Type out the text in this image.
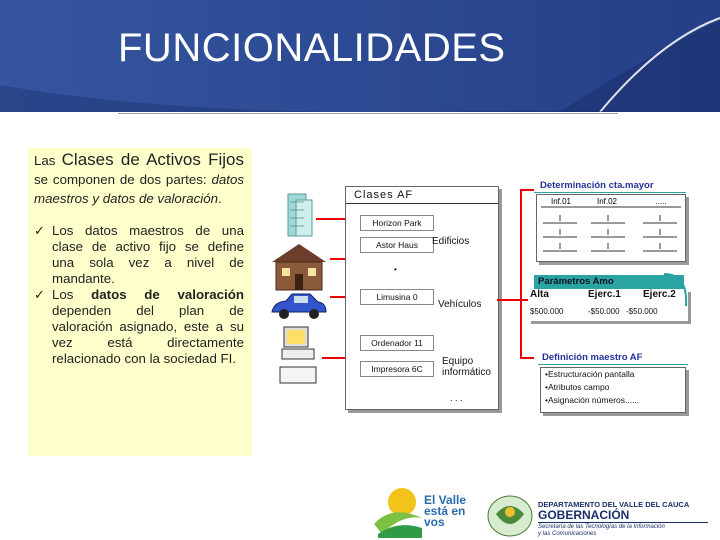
FUNCIONALIDADES

Las Clases de Activos Fijos se componen de dos partes: datos maestros y datos de valoración.

✓ Los datos maestros de una clase de activo fijo se define una sola vez a nivel de mandante.
✓ Los datos de valoración dependen del plan de valoración asignado, este a su vez está directamente relacionado con la sociedad FI.
Clases AF
Horizon Park
Astor Haus
Limusina 0
Ordenador 11
Impresora 6C
•
. . .
Edificios
Vehículos
Equipo informático
Determinación cta.mayor
Inf.01	Inf.02	.....
Parámetros Amo
Alta	Ejerc.1 Ejerc.2
$500.000	-$50.000 -$50.000
Definición maestro AF
•Estructuración pantalla
•Atributos campo
•Asignación números......
El Valle
está en
vos
DEPARTAMENTO DEL VALLE DEL CAUCA
GOBERNACIÓN
Secretaría de las Tecnologías de la Información
y las Comunicaciones
